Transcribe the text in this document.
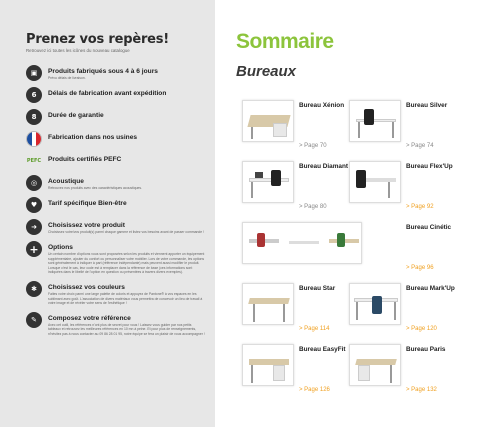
Prenez vos repères!
Retrouvez ici toutes les icônes du nouveau catalogue
▣	Produits fabriqués sous 4 à 6 jours
Prévu délais de livraison.
6	Délais de fabrication avant expédition
8	Durée de garantie
Fabrication dans nos usines
PEFC Produits certifiés PEFC
◎	Acoustique
Retrouvez nos produits avec des caractéristiques acoustiques.
♥	Tarif spécifique Bien-être
➜	Choisissez votre produit
Choisissez votre/vos produit(s) parmi chaque gamme et listez vos besoins avant de passer commande !
+	Options
Un certain nombre d'options vous sont proposées selon les produits et viennent apporter un équipement supplémentaire, ajouter du confort ou personnaliser votre mobilier. Lors de votre commande, les options sont généralement à indiquer à part (référence indépendante) mais peuvent aussi modifier le produit. Lorsque c'est le cas, leur code est à remplacer dans la référence de base (ces informations sont indiquées dans le libellé de l'option en question ou présentées à travers divers exemples).
✱	Choisissez vos couleurs
Faites votre choix parmi une large palette de coloris et appuyez de Pantone® à vos espaces en les sublimant avec goût. L'association de divers matériaux vous permettra de concevoir un lieu de travail à votre image et de révéler votre sens de l'esthétique !
✎	Composez votre référence
Avec cet outil, les références n'ont plus de secret pour vous ! Laissez vous guider par nos petits tableaux et retrouvez les meilleures références en 10 mn à peine. Et pour plus de renseignements, n'hésitez pas à nous contacter au 09 86 28 01 95, notre équipe se fera un plaisir de vous accompagner !
Sommaire
Bureaux
Bureau Xénion
> Page 70
Bureau Silver
> Page 74
Bureau Diamant
> Page 80
Bureau Flex'Up
> Page 92
Bureau Cinétic
> Page 96
Bureau Star
> Page 114
Bureau Mark'Up
> Page 120
Bureau EasyFit
> Page 126
Bureau Paris
> Page 132
